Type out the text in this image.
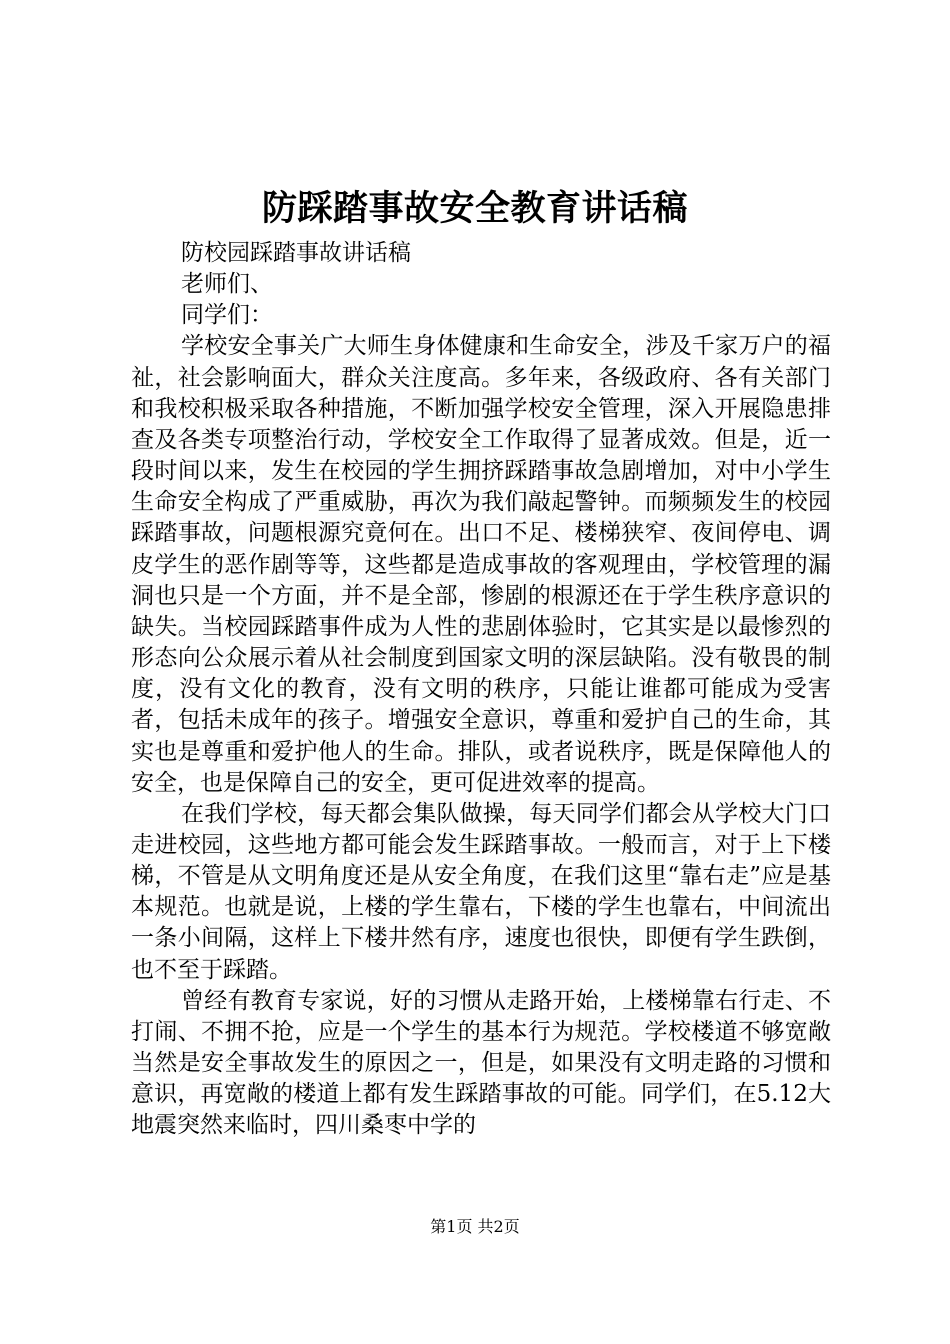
防踩踏事故安全教育讲话稿

防校园踩踏事故讲话稿

老师们、

同学们：

学校安全事关广大师生身体健康和生命安全，涉及千家万户的福祉，社会影响面大，群众关注度高。多年来，各级政府、各有关部门和我校积极采取各种措施，不断加强学校安全管理，深入开展隐患排查及各类专项整治行动，学校安全工作取得了显著成效。但是，近一段时间以来，发生在校园的学生拥挤踩踏事故急剧增加，对中小学生生命安全构成了严重威胁，再次为我们敲起警钟。而频频发生的校园踩踏事故，问题根源究竟何在。出口不足、楼梯狭窄、夜间停电、调皮学生的恶作剧等等，这些都是造成事故的客观理由，学校管理的漏洞也只是一个方面，并不是全部，惨剧的根源还在于学生秩序意识的缺失。当校园踩踏事件成为人性的悲剧体验时，它其实是以最惨烈的形态向公众展示着从社会制度到国家文明的深层缺陷。没有敬畏的制度，没有文化的教育，没有文明的秩序，只能让谁都可能成为受害者，包括未成年的孩子。增强安全意识，尊重和爱护自己的生命，其实也是尊重和爱护他人的生命。排队，或者说秩序，既是保障他人的安全，也是保障自己的安全，更可促进效率的提高。

在我们学校，每天都会集队做操，每天同学们都会从学校大门口走进校园，这些地方都可能会发生踩踏事故。一般而言，对于上下楼梯，不管是从文明角度还是从安全角度，在我们这里“靠右走”应是基本规范。也就是说，上楼的学生靠右，下楼的学生也靠右，中间流出一条小间隔，这样上下楼井然有序，速度也很快，即便有学生跌倒，也不至于踩踏。

曾经有教育专家说，好的习惯从走路开始，上楼梯靠右行走、不打闹、不拥不抢，应是一个学生的基本行为规范。学校楼道不够宽敞当然是安全事故发生的原因之一，但是，如果没有文明走路的习惯和意识，再宽敞的楼道上都有发生踩踏事故的可能。同学们，在5.12大地震突然来临时，四川桑枣中学的

第1页 共2页
